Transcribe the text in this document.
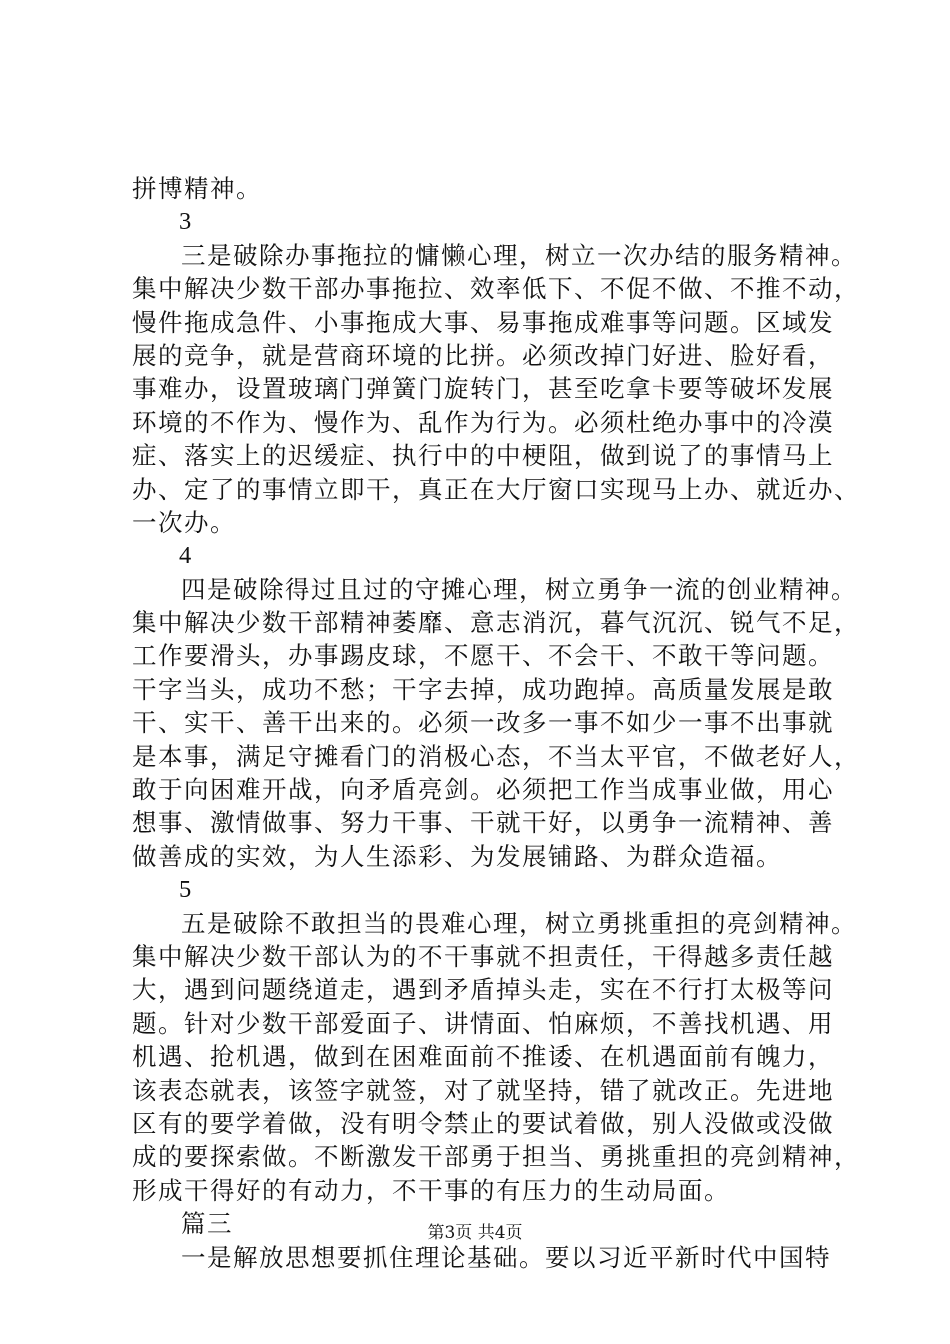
拼博精神。
3
三是破除办事拖拉的慵懒心理，树立一次办结的服务精神。
集中解决少数干部办事拖拉、效率低下、不促不做、不推不动，
慢件拖成急件、小事拖成大事、易事拖成难事等问题。区域发
展的竞争，就是营商环境的比拼。必须改掉门好进、脸好看，
事难办，设置玻璃门弹簧门旋转门，甚至吃拿卡要等破坏发展
环境的不作为、慢作为、乱作为行为。必须杜绝办事中的冷漠
症、落实上的迟缓症、执行中的中梗阻，做到说了的事情马上
办、定了的事情立即干，真正在大厅窗口实现马上办、就近办、
一次办。
4
四是破除得过且过的守摊心理，树立勇争一流的创业精神。
集中解决少数干部精神萎靡、意志消沉，暮气沉沉、锐气不足，
工作要滑头，办事踢皮球，不愿干、不会干、不敢干等问题。
干字当头，成功不愁；干字去掉，成功跑掉。高质量发展是敢
干、实干、善干出来的。必须一改多一事不如少一事不出事就
是本事，满足守摊看门的消极心态，不当太平官，不做老好人，
敢于向困难开战，向矛盾亮剑。必须把工作当成事业做，用心
想事、激情做事、努力干事、干就干好，以勇争一流精神、善
做善成的实效，为人生添彩、为发展铺路、为群众造福。
5
五是破除不敢担当的畏难心理，树立勇挑重担的亮剑精神。
集中解决少数干部认为的不干事就不担责任，干得越多责任越
大，遇到问题绕道走，遇到矛盾掉头走，实在不行打太极等问
题。针对少数干部爱面子、讲情面、怕麻烦，不善找机遇、用
机遇、抢机遇，做到在困难面前不推诿、在机遇面前有魄力，
该表态就表，该签字就签，对了就坚持，错了就改正。先进地
区有的要学着做，没有明令禁止的要试着做，别人没做或没做
成的要探索做。不断激发干部勇于担当、勇挑重担的亮剑精神，
形成干得好的有动力，不干事的有压力的生动局面。
篇三
一是解放思想要抓住理论基础。要以习近平新时代中国特
第3页 共4页
